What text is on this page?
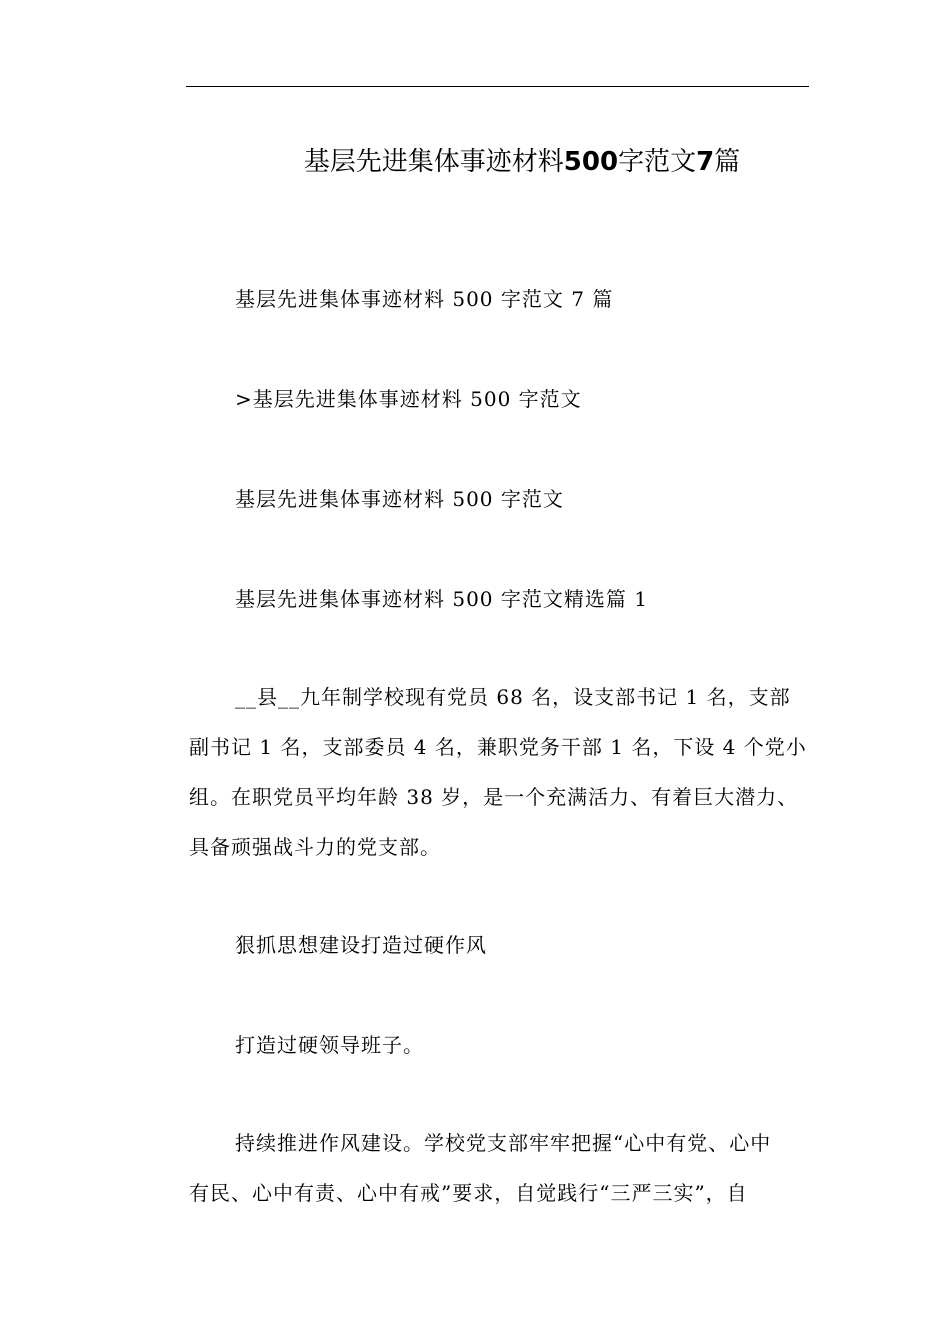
基层先进集体事迹材料500字范文7篇
基层先进集体事迹材料 500 字范文 7 篇
>基层先进集体事迹材料 500 字范文
基层先进集体事迹材料 500 字范文
基层先进集体事迹材料 500 字范文精选篇 1
__县__九年制学校现有党员 68 名，设支部书记 1 名，支部
副书记 1 名，支部委员 4 名，兼职党务干部 1 名，下设 4 个党小
组。在职党员平均年龄 38 岁，是一个充满活力、有着巨大潜力、
具备顽强战斗力的党支部。
狠抓思想建设打造过硬作风
打造过硬领导班子。
持续推进作风建设。学校党支部牢牢把握“心中有党、心中
有民、心中有责、心中有戒”要求，自觉践行“三严三实”，自
